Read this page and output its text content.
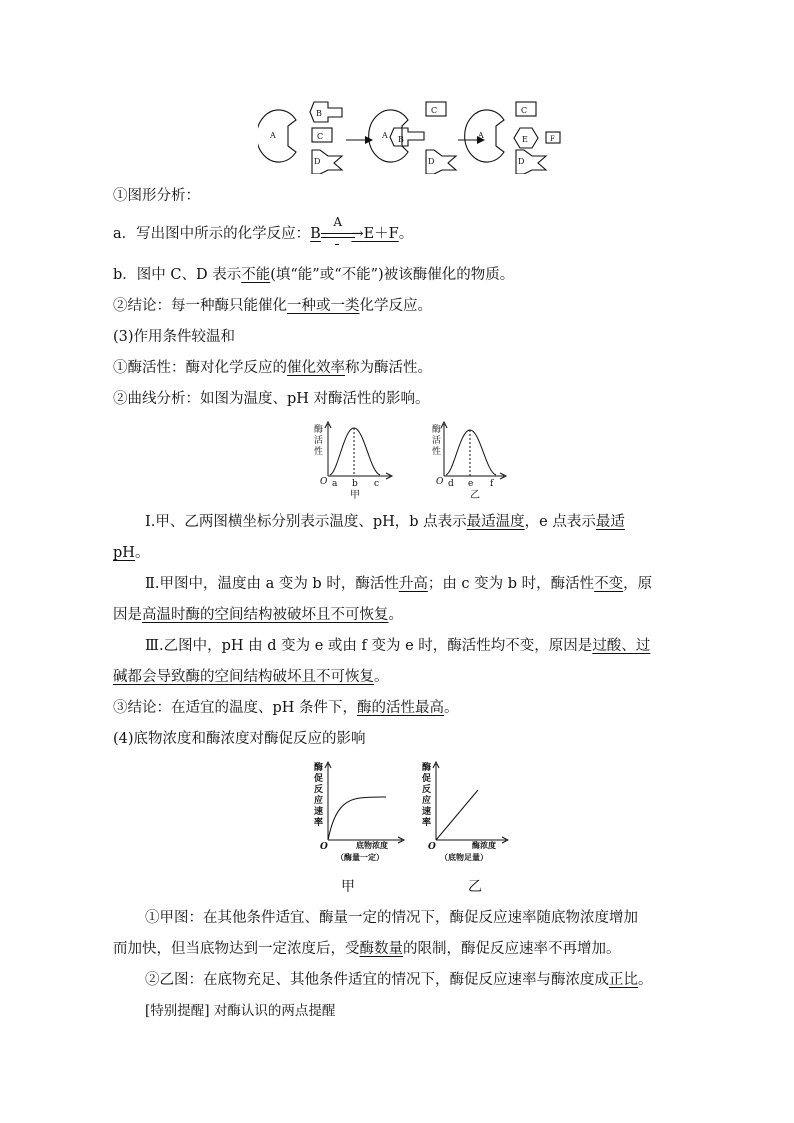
A
B
C
D
A B
C
D
A
C
E	F
D
①图形分析：
a．写出图中所示的化学反应：B
A
→E＋F。
b．图中 C、D 表示不能(填“能”或“不能”)被该酶催化的物质。
②结论：每一种酶只能催化一种或一类化学反应。
(3)作用条件较温和
①酶活性：酶对化学反应的催化效率称为酶活性。
②曲线分析：如图为温度、pH 对酶活性的影响。
酶
活
性
O a b c
甲
酶
活
性
O d e f
乙
Ⅰ.甲、乙两图横坐标分别表示温度、pH，b 点表示最适温度，e 点表示最适
pH。
Ⅱ.甲图中，温度由 a 变为 b 时，酶活性升高；由 c 变为 b 时，酶活性不变，原
因是高温时酶的空间结构被破坏且不可恢复。
Ⅲ.乙图中，pH 由 d 变为 e 或由 f 变为 e 时，酶活性均不变，原因是过酸、过
碱都会导致酶的空间结构破坏且不可恢复。
③结论：在适宜的温度、pH 条件下，酶的活性最高。
(4)底物浓度和酶浓度对酶促反应的影响
酶
促
反
应
速
率
O	底物浓度
（酶量一定）
酶
促
反
应
速
率
O	酶浓度
（底物足量）
甲	乙
①甲图：在其他条件适宜、酶量一定的情况下，酶促反应速率随底物浓度增加
而加快，但当底物达到一定浓度后，受酶数量的限制，酶促反应速率不再增加。
②乙图：在底物充足、其他条件适宜的情况下，酶促反应速率与酶浓度成正比。
[特别提醒] 对酶认识的两点提醒
